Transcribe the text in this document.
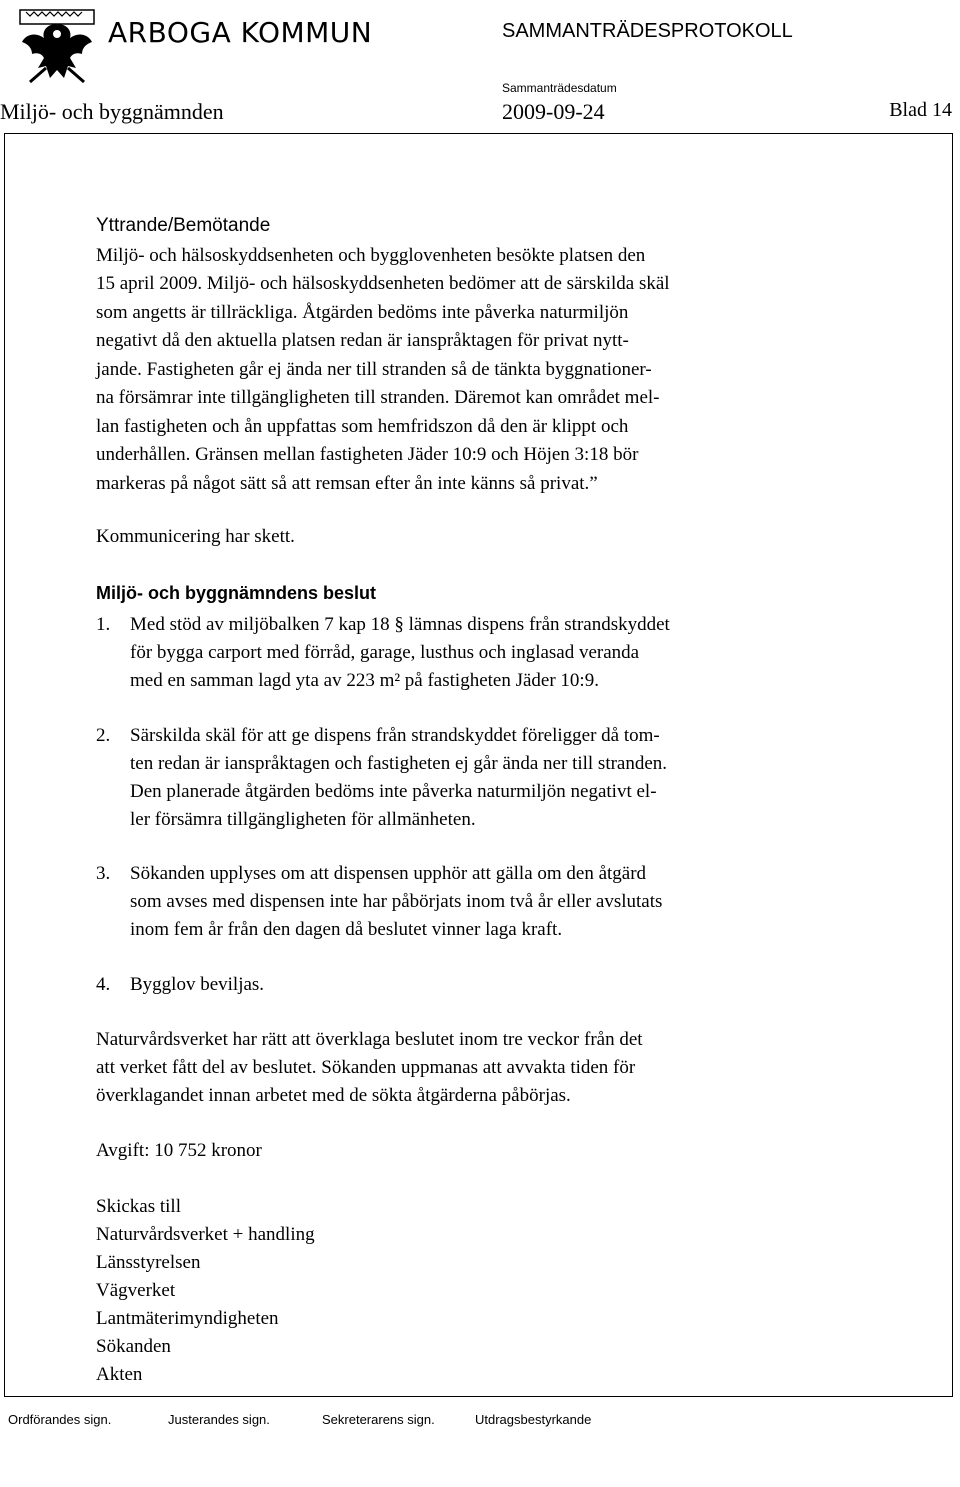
ARBOGA KOMMUN	SAMMANTRÄDESPROTOKOLL
Sammanträdesdatum
Miljö- och byggnämnden	2009-09-24	Blad 14
Yttrande/Bemötande
Miljö- och hälsoskyddsenheten och bygglovenheten besökte platsen den
15 april 2009. Miljö- och hälsoskyddsenheten bedömer att de särskilda skäl
som angetts är tillräckliga. Åtgärden bedöms inte påverka naturmiljön
negativt då den aktuella platsen redan är ianspråktagen för privat nytt-
jande. Fastigheten går ej ända ner till stranden så de tänkta byggnationer-
na försämrar inte tillgängligheten till stranden. Däremot kan området mel-
lan fastigheten och ån uppfattas som hemfridszon då den är klippt och
underhållen. Gränsen mellan fastigheten Jäder 10:9 och Höjen 3:18 bör
markeras på något sätt så att remsan efter ån inte känns så privat.”
Kommunicering har skett.
Miljö- och byggnämndens beslut
1. Med stöd av miljöbalken 7 kap 18 § lämnas dispens från strandskyddet
för bygga carport med förråd, garage, lusthus och inglasad veranda
med en samman lagd yta av 223 m² på fastigheten Jäder 10:9.
2. Särskilda skäl för att ge dispens från strandskyddet föreligger då tom-
ten redan är ianspråktagen och fastigheten ej går ända ner till stranden.
Den planerade åtgärden bedöms inte påverka naturmiljön negativt el-
ler försämra tillgängligheten för allmänheten.
3. Sökanden upplyses om att dispensen upphör att gälla om den åtgärd
som avses med dispensen inte har påbörjats inom två år eller avslutats
inom fem år från den dagen då beslutet vinner laga kraft.
4. Bygglov beviljas.
Naturvårdsverket har rätt att överklaga beslutet inom tre veckor från det
att verket fått del av beslutet. Sökanden uppmanas att avvakta tiden för
överklagandet innan arbetet med de sökta åtgärderna påbörjas.
Avgift: 10 752 kronor
Skickas till
Naturvårdsverket + handling
Länsstyrelsen
Vägverket
Lantmäterimyndigheten
Sökanden
Akten
Ordförandes sign.	Justerandes sign.	Sekreterarens sign.	Utdragsbestyrkande
